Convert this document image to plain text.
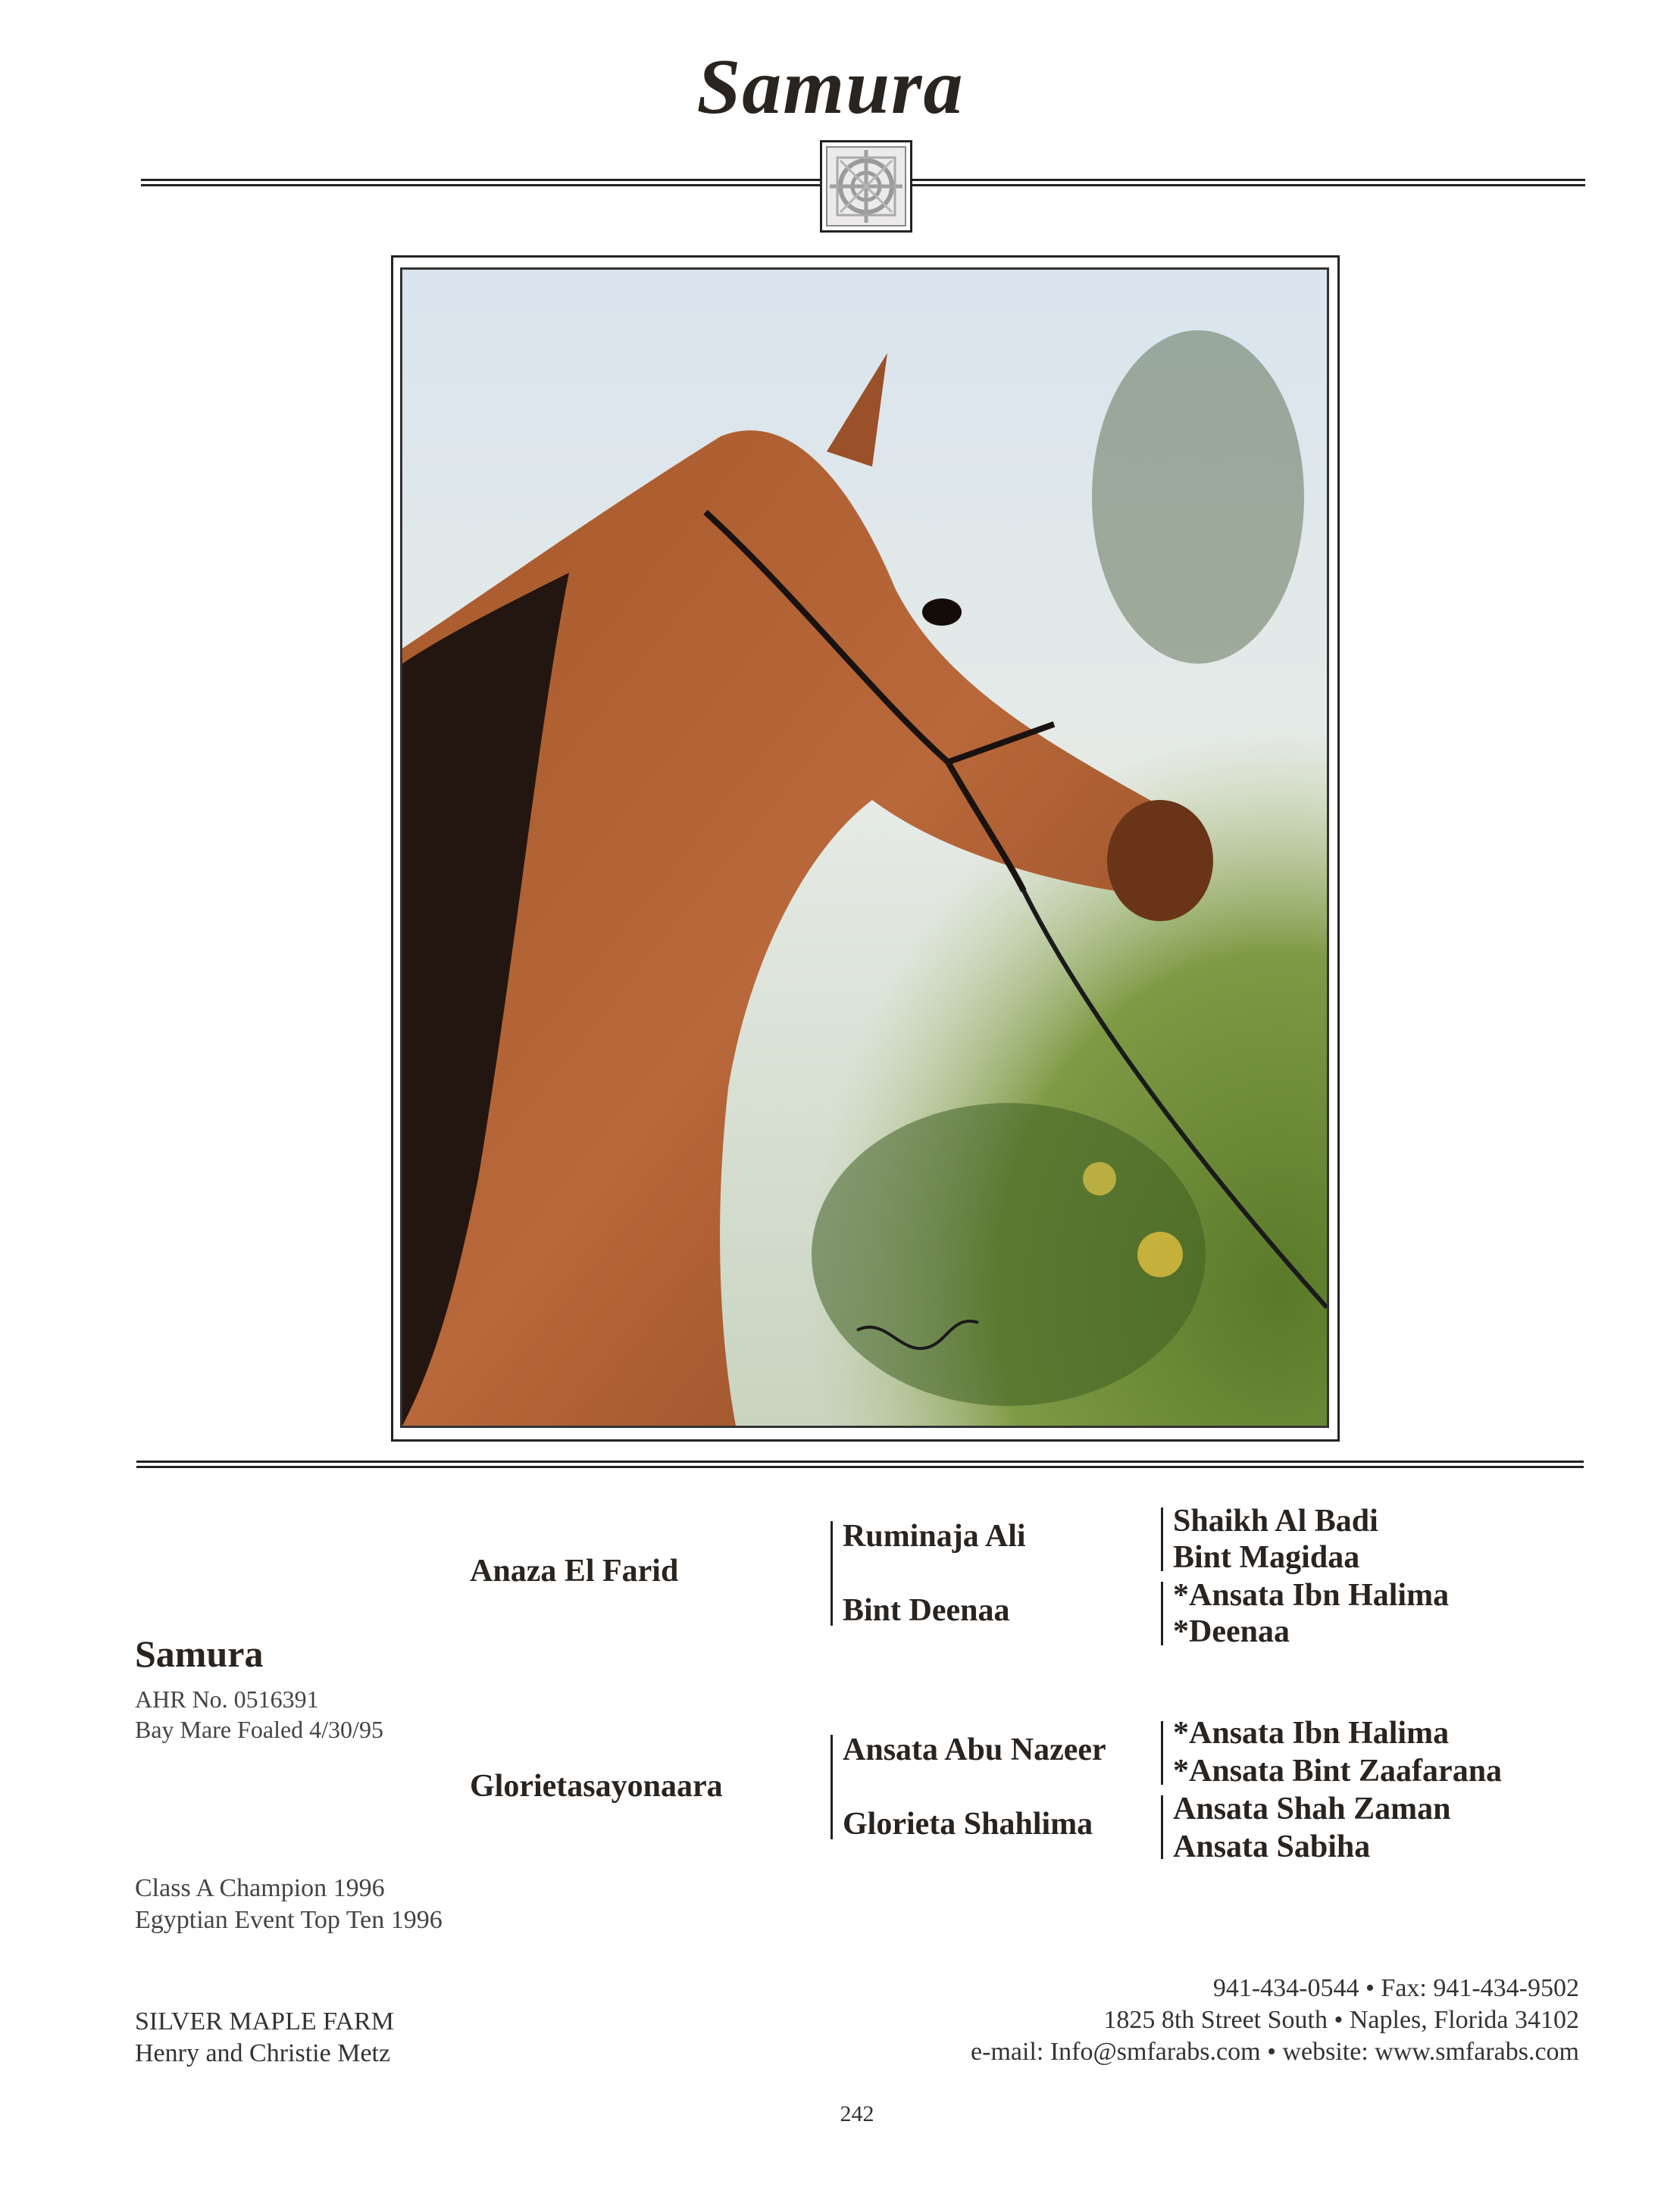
Samura
Anaza El Farid
Glorietasayonaara
Ruminaja Ali
Bint Deenaa
Ansata Abu Nazeer
Glorieta Shahlima
Shaikh Al Badi
Bint Magidaa
*Ansata Ibn Halima
*Deenaa
*Ansata Ibn Halima
*Ansata Bint Zaafarana
Ansata Shah Zaman
Ansata Sabiha
Samura
AHR No. 0516391
Bay Mare Foaled 4/30/95
Class A Champion 1996
Egyptian Event Top Ten 1996
SILVER MAPLE FARM
Henry and Christie Metz
941-434-0544 • Fax: 941-434-9502
1825 8th Street South • Naples, Florida 34102
e-mail: Info@smfarabs.com • website: www.smfarabs.com
242
